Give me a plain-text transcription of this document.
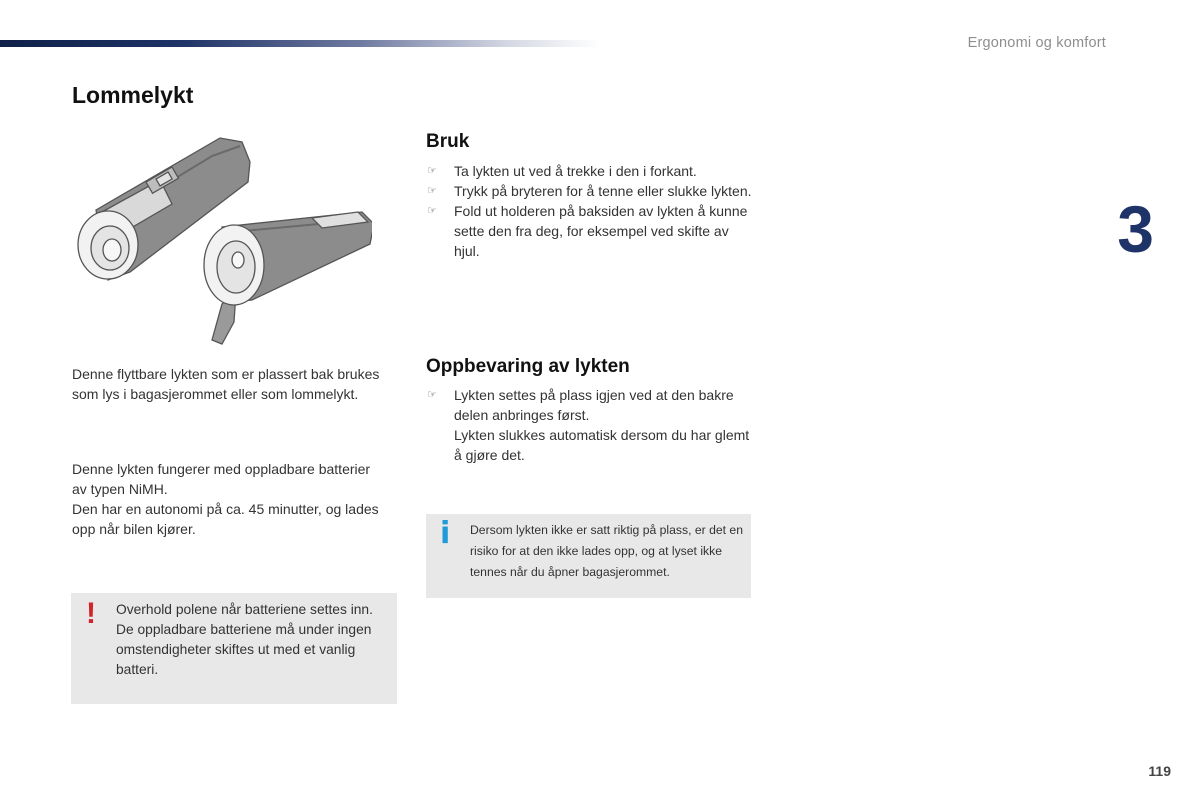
Ergonomi og komfort
3
Lommelykt

Denne flyttbare lykten som er plassert bak brukes som lys i bagasjerommet eller som lommelykt.

Denne lykten fungerer med oppladbare batterier av typen NiMH.

Den har en autonomi på ca. 45 minutter, og lades opp når bilen kjører.

! Overhold polene når batteriene settes inn. De oppladbare batteriene må under ingen omstendigheter skiftes ut med et vanlig batteri.
Bruk
☞ Ta lykten ut ved å trekke i den i forkant.
☞ Trykk på bryteren for å tenne eller slukke lykten.
☞ Fold ut holderen på baksiden av lykten å kunne sette den fra deg, for eksempel ved skifte av hjul.
Oppbevaring av lykten
☞ Lykten settes på plass igjen ved at den bakre delen anbringes først.
Lykten slukkes automatisk dersom du har glemt å gjøre det.
i Dersom lykten ikke er satt riktig på plass, er det en risiko for at den ikke lades opp, og at lyset ikke tennes når du åpner bagasjerommet.
119
